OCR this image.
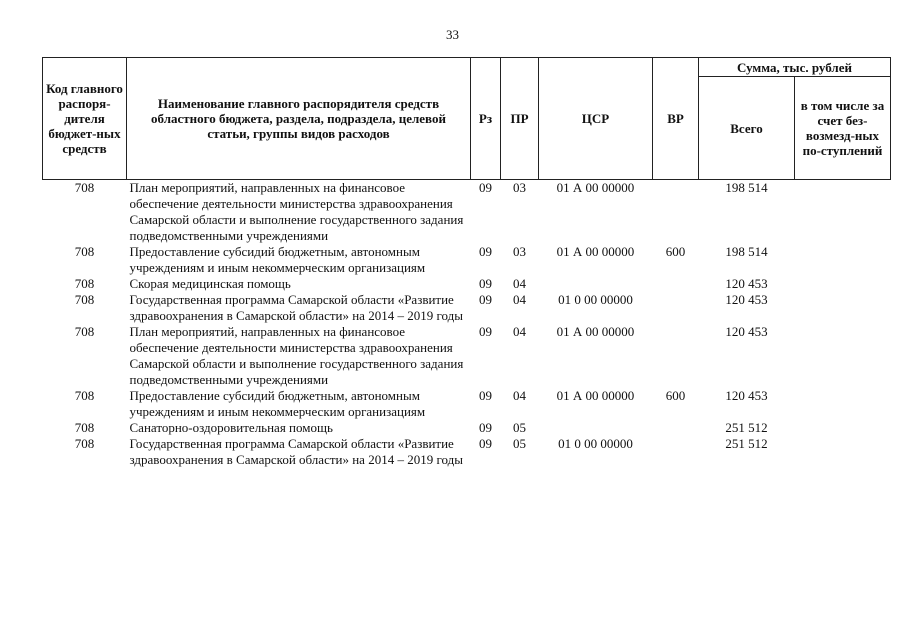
33
Код главного распоря-дителя бюджет-ных средств	Наименование главного распорядителя средств областного бюджета, раздела, подраздела, целевой статьи, группы видов расходов	Рз	ПР	ЦСР	ВР	Сумма, тыс. рублей	
						Всего	в том числе за счет без-возмезд-ных по-ступлений
708	План мероприятий, направленных на финансовое обеспечение деятельности министерства здравоохранения Самарской области и выполнение государственного задания подведомственными учреждениями	09	03	01 А 00 00000		198 514	
708	Предоставление субсидий бюджетным, автономным учреждениям и иным некоммерческим организациям	09	03	01 А 00 00000	600	198 514	
708	Скорая медицинская помощь	09	04			120 453	
708	Государственная программа Самарской области «Развитие здравоохранения в Самарской области» на 2014 – 2019 годы	09	04	01 0 00 00000		120 453	
708	План мероприятий, направленных на финансовое обеспечение деятельности министерства здравоохранения Самарской области и выполнение государственного задания подведомственными учреждениями	09	04	01 А 00 00000		120 453	
708	Предоставление субсидий бюджетным, автономным учреждениям и иным некоммерческим организациям	09	04	01 А 00 00000	600	120 453	
708	Санаторно-оздоровительная помощь	09	05			251 512	
708	Государственная программа Самарской области «Развитие здравоохранения в Самарской области» на 2014 – 2019 годы	09	05	01 0 00 00000		251 512	
